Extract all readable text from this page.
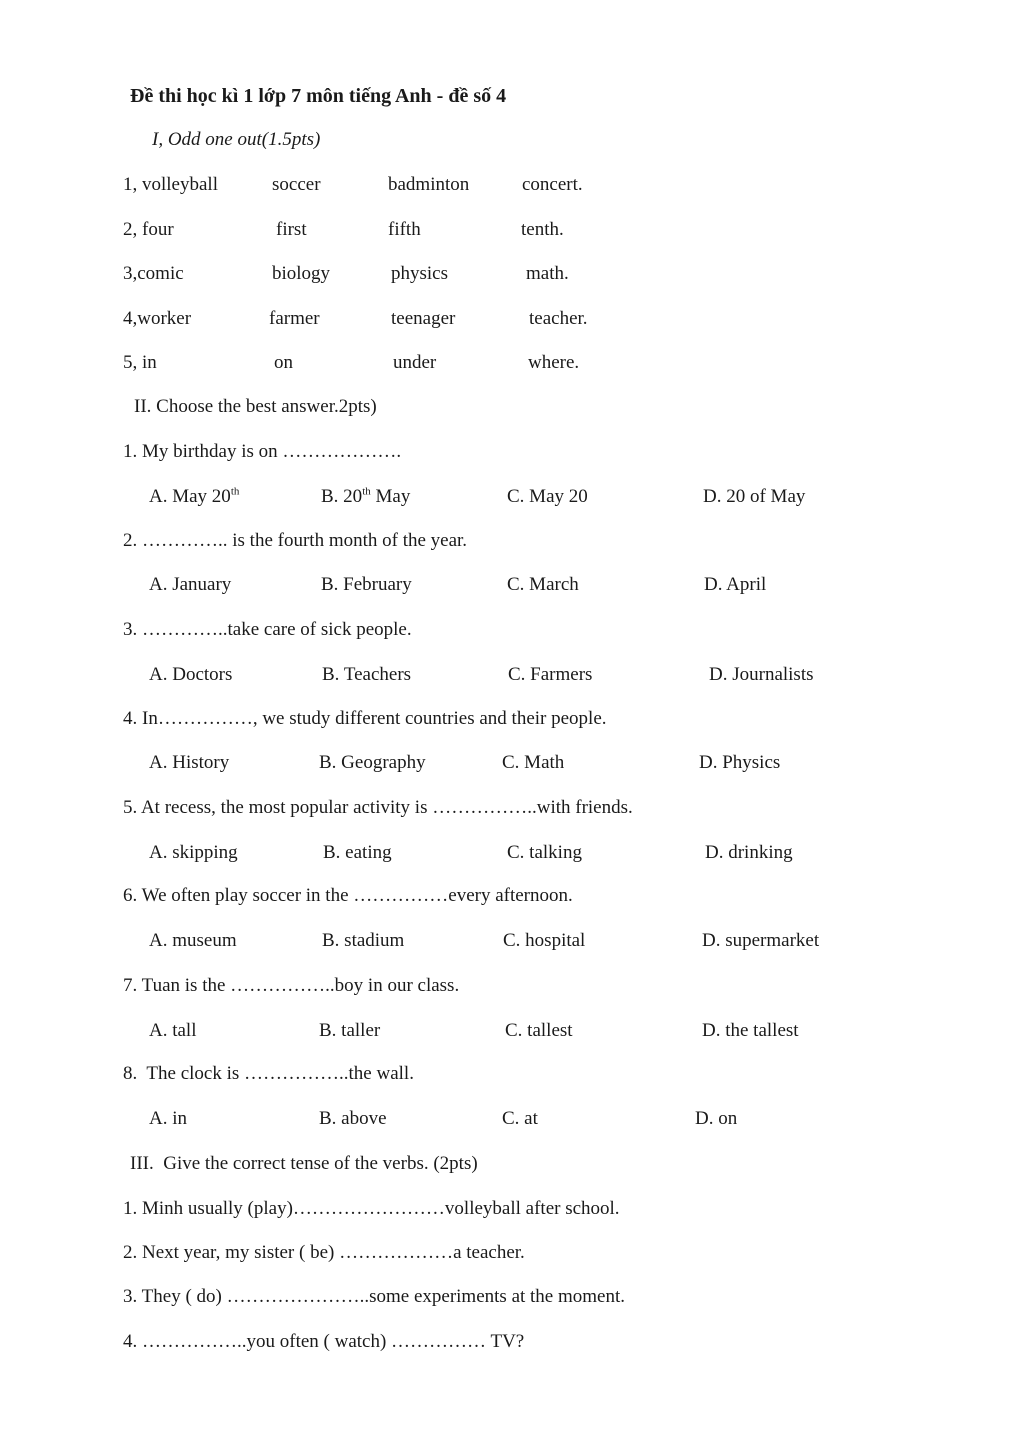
Đề thi học kì 1 lớp 7 môn tiếng Anh - đề số 4
I, Odd one out(1.5pts)
1, volleyball	soccer	badminton	concert.
2, four	first	fifth	tenth.
3,comic	biology	physics	math.
4,worker	farmer	teenager	teacher.
5, in	on	under	where.
II. Choose the best answer.2pts)
1. My birthday is on ……………….
A. May 20th	B. 20th May	C. May 20	D. 20 of May
2. ………….. is the fourth month of the year.
A. January	B. February	C. March	D. April
3. …………..take care of sick people.
A. Doctors	B. Teachers	C. Farmers	D. Journalists
4. In……………, we study different countries and their people.
A. History	B. Geography	C. Math	D. Physics
5. At recess, the most popular activity is ……………..with friends.
A. skipping	B. eating	C. talking	D. drinking
6. We often play soccer in the ……………every afternoon.
A. museum	B. stadium	C. hospital	D. supermarket
7. Tuan is the ……………..boy in our class.
A. tall	B. taller	C. tallest	D. the tallest
8.  The clock is ……………..the wall.
A. in	B. above	C. at	D. on
III.  Give the correct tense of the verbs. (2pts)
1. Minh usually (play)……………………volleyball after school.
2. Next year, my sister ( be) ………………a teacher.
3. They ( do) …………………..some experiments at the moment.
4. ……………..you often ( watch) …………… TV?
